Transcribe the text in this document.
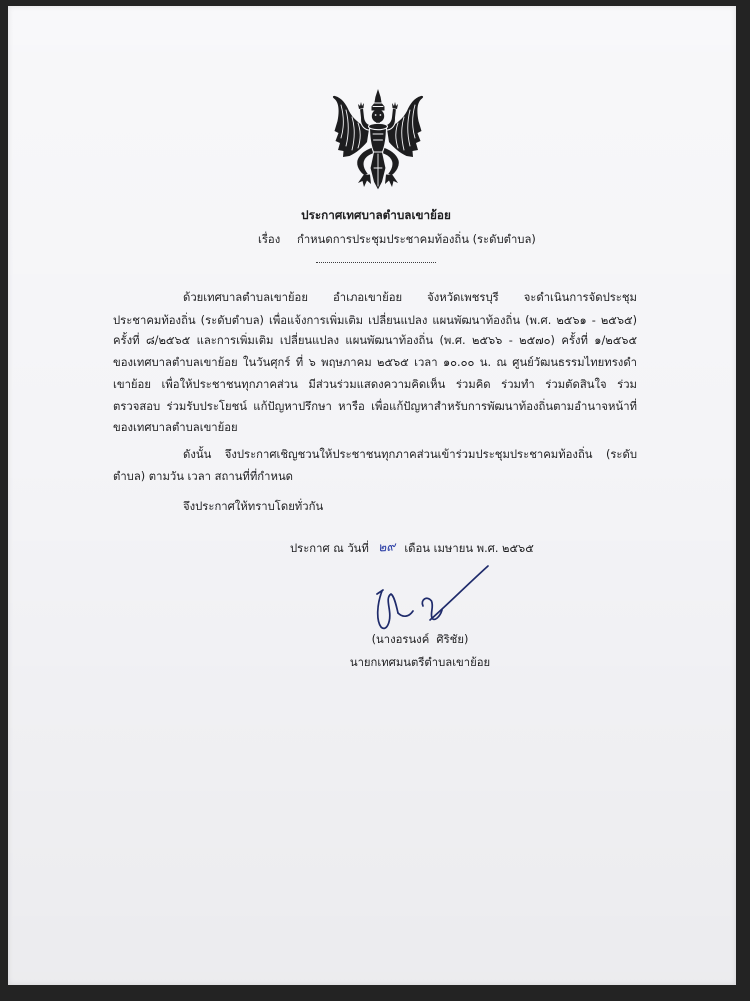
ประกาศเทศบาลตำบลเขาย้อย
เรื่อง	กำหนดการประชุมประชาคมท้องถิ่น (ระดับตำบล)
ด้วยเทศบาลตำบลเขาย้อย อำเภอเขาย้อย จังหวัดเพชรบุรี จะดำเนินการจัดประชุม
ประชาคมท้องถิ่น (ระดับตำบล) เพื่อแจ้งการเพิ่มเติม เปลี่ยนแปลง แผนพัฒนาท้องถิ่น (พ.ศ. ๒๕๖๑ - ๒๕๖๕)
ครั้งที่ ๘/๒๕๖๕ และการเพิ่มเติม เปลี่ยนแปลง แผนพัฒนาท้องถิ่น (พ.ศ. ๒๕๖๖ - ๒๕๗๐) ครั้งที่ ๑/๒๕๖๕
ของเทศบาลตำบลเขาย้อย ในวันศุกร์ ที่ ๖ พฤษภาคม ๒๕๖๕ เวลา ๑๐.๐๐ น. ณ ศูนย์วัฒนธรรมไทยทรงดำ
เขาย้อย เพื่อให้ประชาชนทุกภาคส่วน มีส่วนร่วมแสดงความคิดเห็น ร่วมคิด ร่วมทำ ร่วมตัดสินใจ ร่วม
ตรวจสอบ ร่วมรับประโยชน์ แก้ปัญหาปรึกษา หารือ เพื่อแก้ปัญหาสำหรับการพัฒนาท้องถิ่นตามอำนาจหน้าที่
ของเทศบาลตำบลเขาย้อย
ดังนั้น จึงประกาศเชิญชวนให้ประชาชนทุกภาคส่วนเข้าร่วมประชุมประชาคมท้องถิ่น (ระดับ
ตำบล) ตามวัน เวลา สถานที่ที่กำหนด
จึงประกาศให้ทราบโดยทั่วกัน
ประกาศ ณ วันที่ ๒๙ เดือน เมษายน พ.ศ. ๒๕๖๕
(นางอรนงค์  ศิริชัย)
นายกเทศมนตรีตำบลเขาย้อย
